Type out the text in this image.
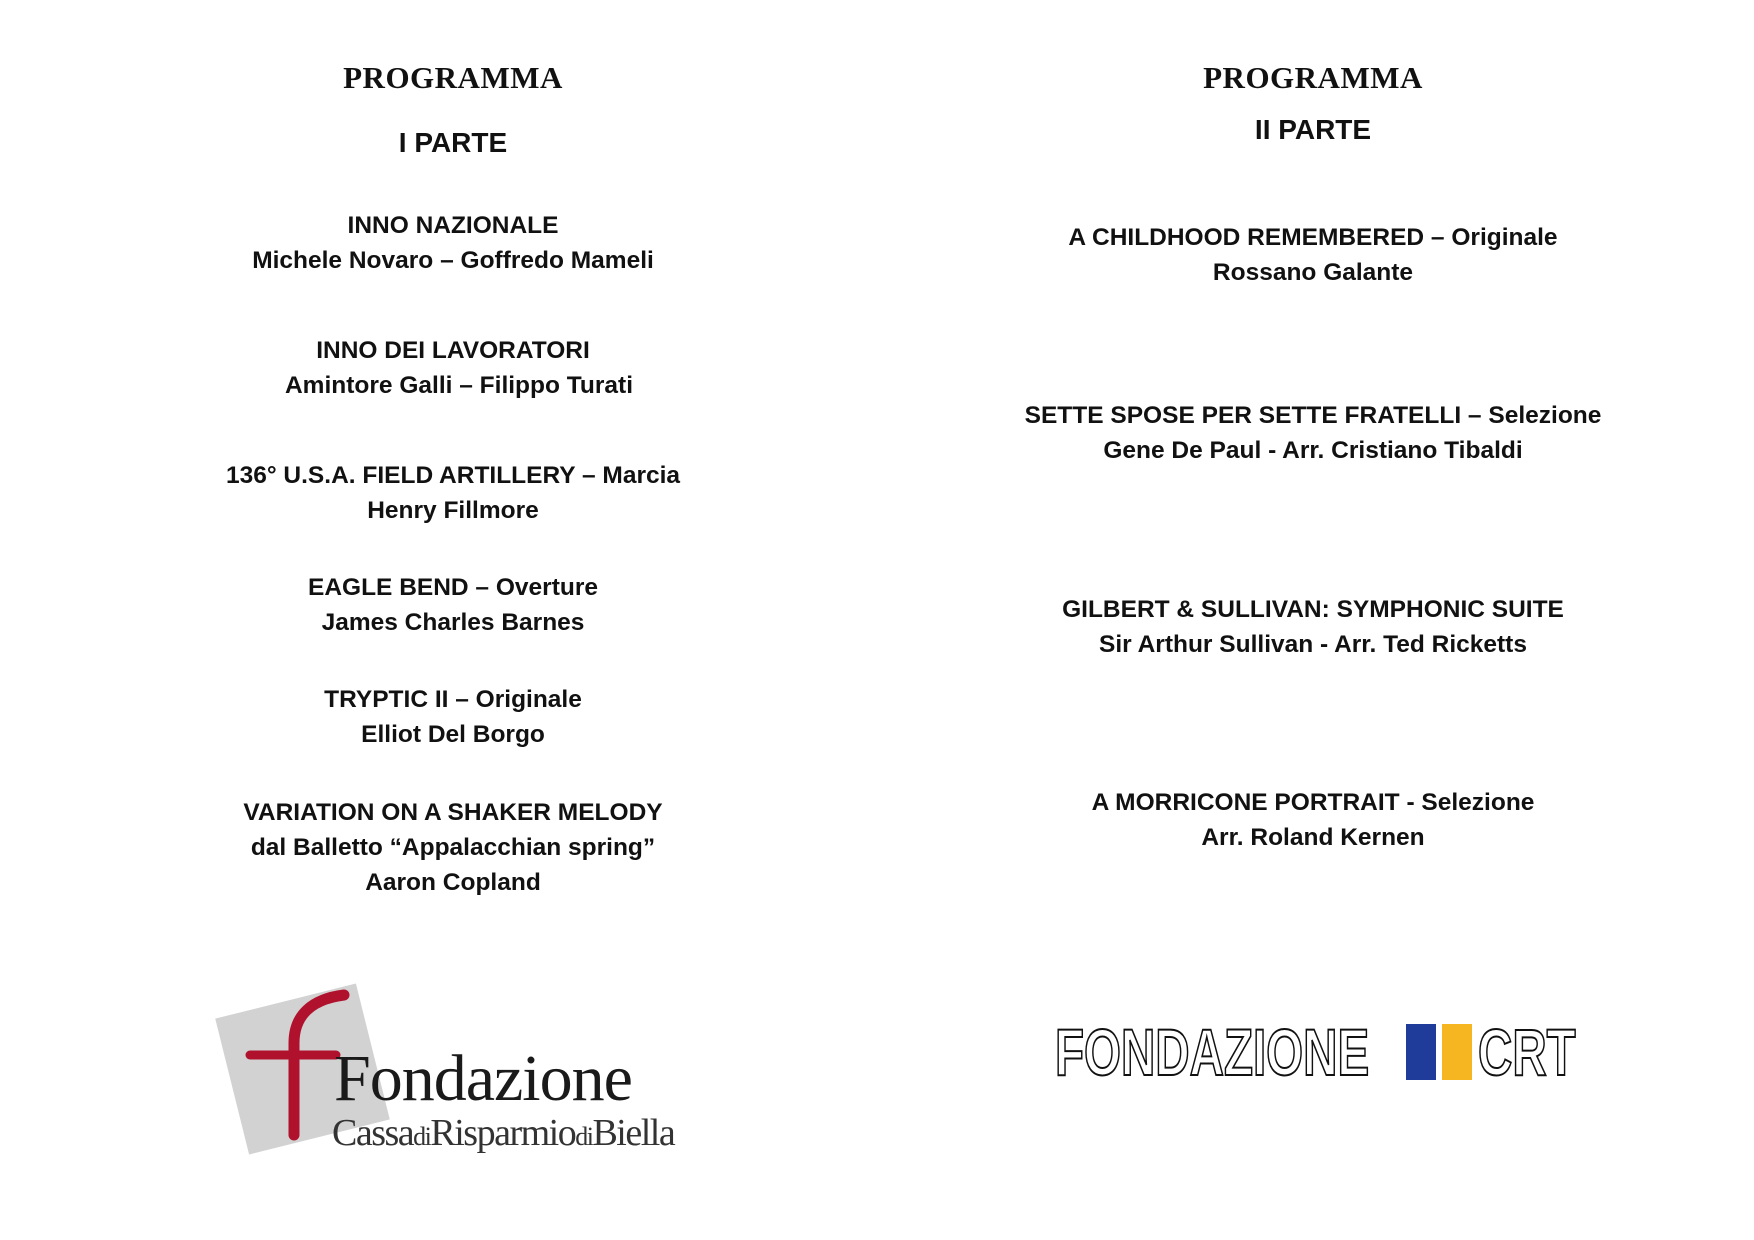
PROGRAMMA
I PARTE
INNO NAZIONALE
Michele Novaro – Goffredo Mameli
INNO DEI LAVORATORI
Amintore Galli – Filippo Turati
136° U.S.A. FIELD ARTILLERY – Marcia
Henry Fillmore
EAGLE BEND – Overture
James Charles Barnes
TRYPTIC II – Originale
Elliot Del Borgo
VARIATION ON A SHAKER MELODY
dal Balletto “Appalacchian spring”
Aaron Copland
PROGRAMMA
II PARTE
A CHILDHOOD REMEMBERED – Originale
Rossano Galante
SETTE SPOSE PER SETTE FRATELLI – Selezione
Gene De Paul - Arr. Cristiano Tibaldi
GILBERT & SULLIVAN: SYMPHONIC SUITE
Sir Arthur Sullivan - Arr. Ted Ricketts
A MORRICONE PORTRAIT - Selezione
Arr. Roland Kernen
Fondazione
CassadiRisparmiodiBiella
FONDAZIONE CRT
